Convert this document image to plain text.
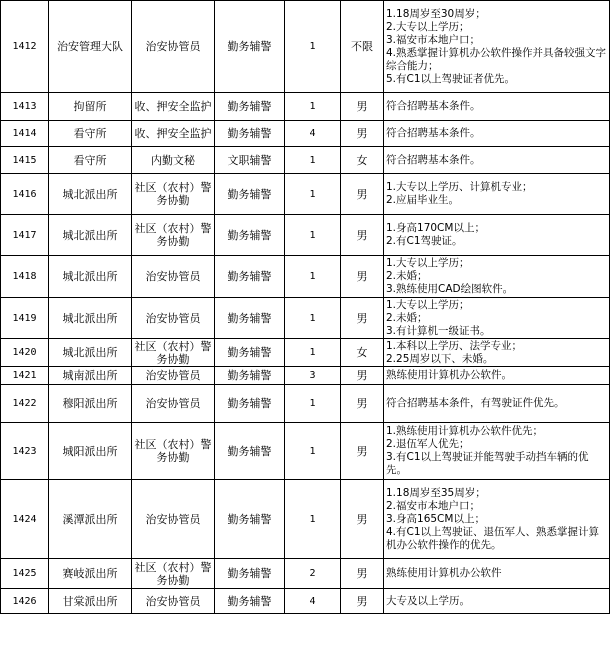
1412	治安管理大队	治安协管员	勤务辅警	1	不限	1.18周岁至30周岁；
2.大专以上学历；
3.福安市本地户口；
4.熟悉掌握计算机办公软件操作并具备较强文字综合能力；
5.有C1以上驾驶证者优先。

1413	拘留所	收、押安全监护	勤务辅警	1	男	符合招聘基本条件。

1414	看守所	收、押安全监护	勤务辅警	4	男	符合招聘基本条件。

1415	看守所	内勤文秘	文职辅警	1	女	符合招聘基本条件。

1416	城北派出所	社区（农村）警务协勤	勤务辅警	1	男	1.大专以上学历、计算机专业；
2.应届毕业生。

1417	城北派出所	社区（农村）警务协勤	勤务辅警	1	男	1.身高170CM以上；
2.有C1驾驶证。

1418	城北派出所	治安协管员	勤务辅警	1	男	1.大专以上学历；
2.未婚；
3.熟练使用CAD绘图软件。

1419	城北派出所	治安协管员	勤务辅警	1	男	1.大专以上学历；
2.未婚；
3.有计算机一级证书。

1420	城北派出所	社区（农村）警务协勤	勤务辅警	1	女	1.本科以上学历、法学专业；
2.25周岁以下、未婚。

1421	城南派出所	治安协管员	勤务辅警	3	男	熟练使用计算机办公软件。

1422	穆阳派出所	治安协管员	勤务辅警	1	男	符合招聘基本条件，有驾驶证件优先。

1423	城阳派出所	社区（农村）警务协勤	勤务辅警	1	男	1.熟练使用计算机办公软件优先；
2.退伍军人优先；
3.有C1以上驾驶证并能驾驶手动挡车辆的优先。

1424	溪潭派出所	治安协管员	勤务辅警	1	男	1.18周岁至35周岁；
2.福安市本地户口；
3.身高165CM以上；
4.有C1以上驾驶证、退伍军人、熟悉掌握计算机办公软件操作的优先。

1425	赛岐派出所	社区（农村）警务协勤	勤务辅警	2	男	熟练使用计算机办公软件

1426	甘棠派出所	治安协管员	勤务辅警	4	男	大专及以上学历。
